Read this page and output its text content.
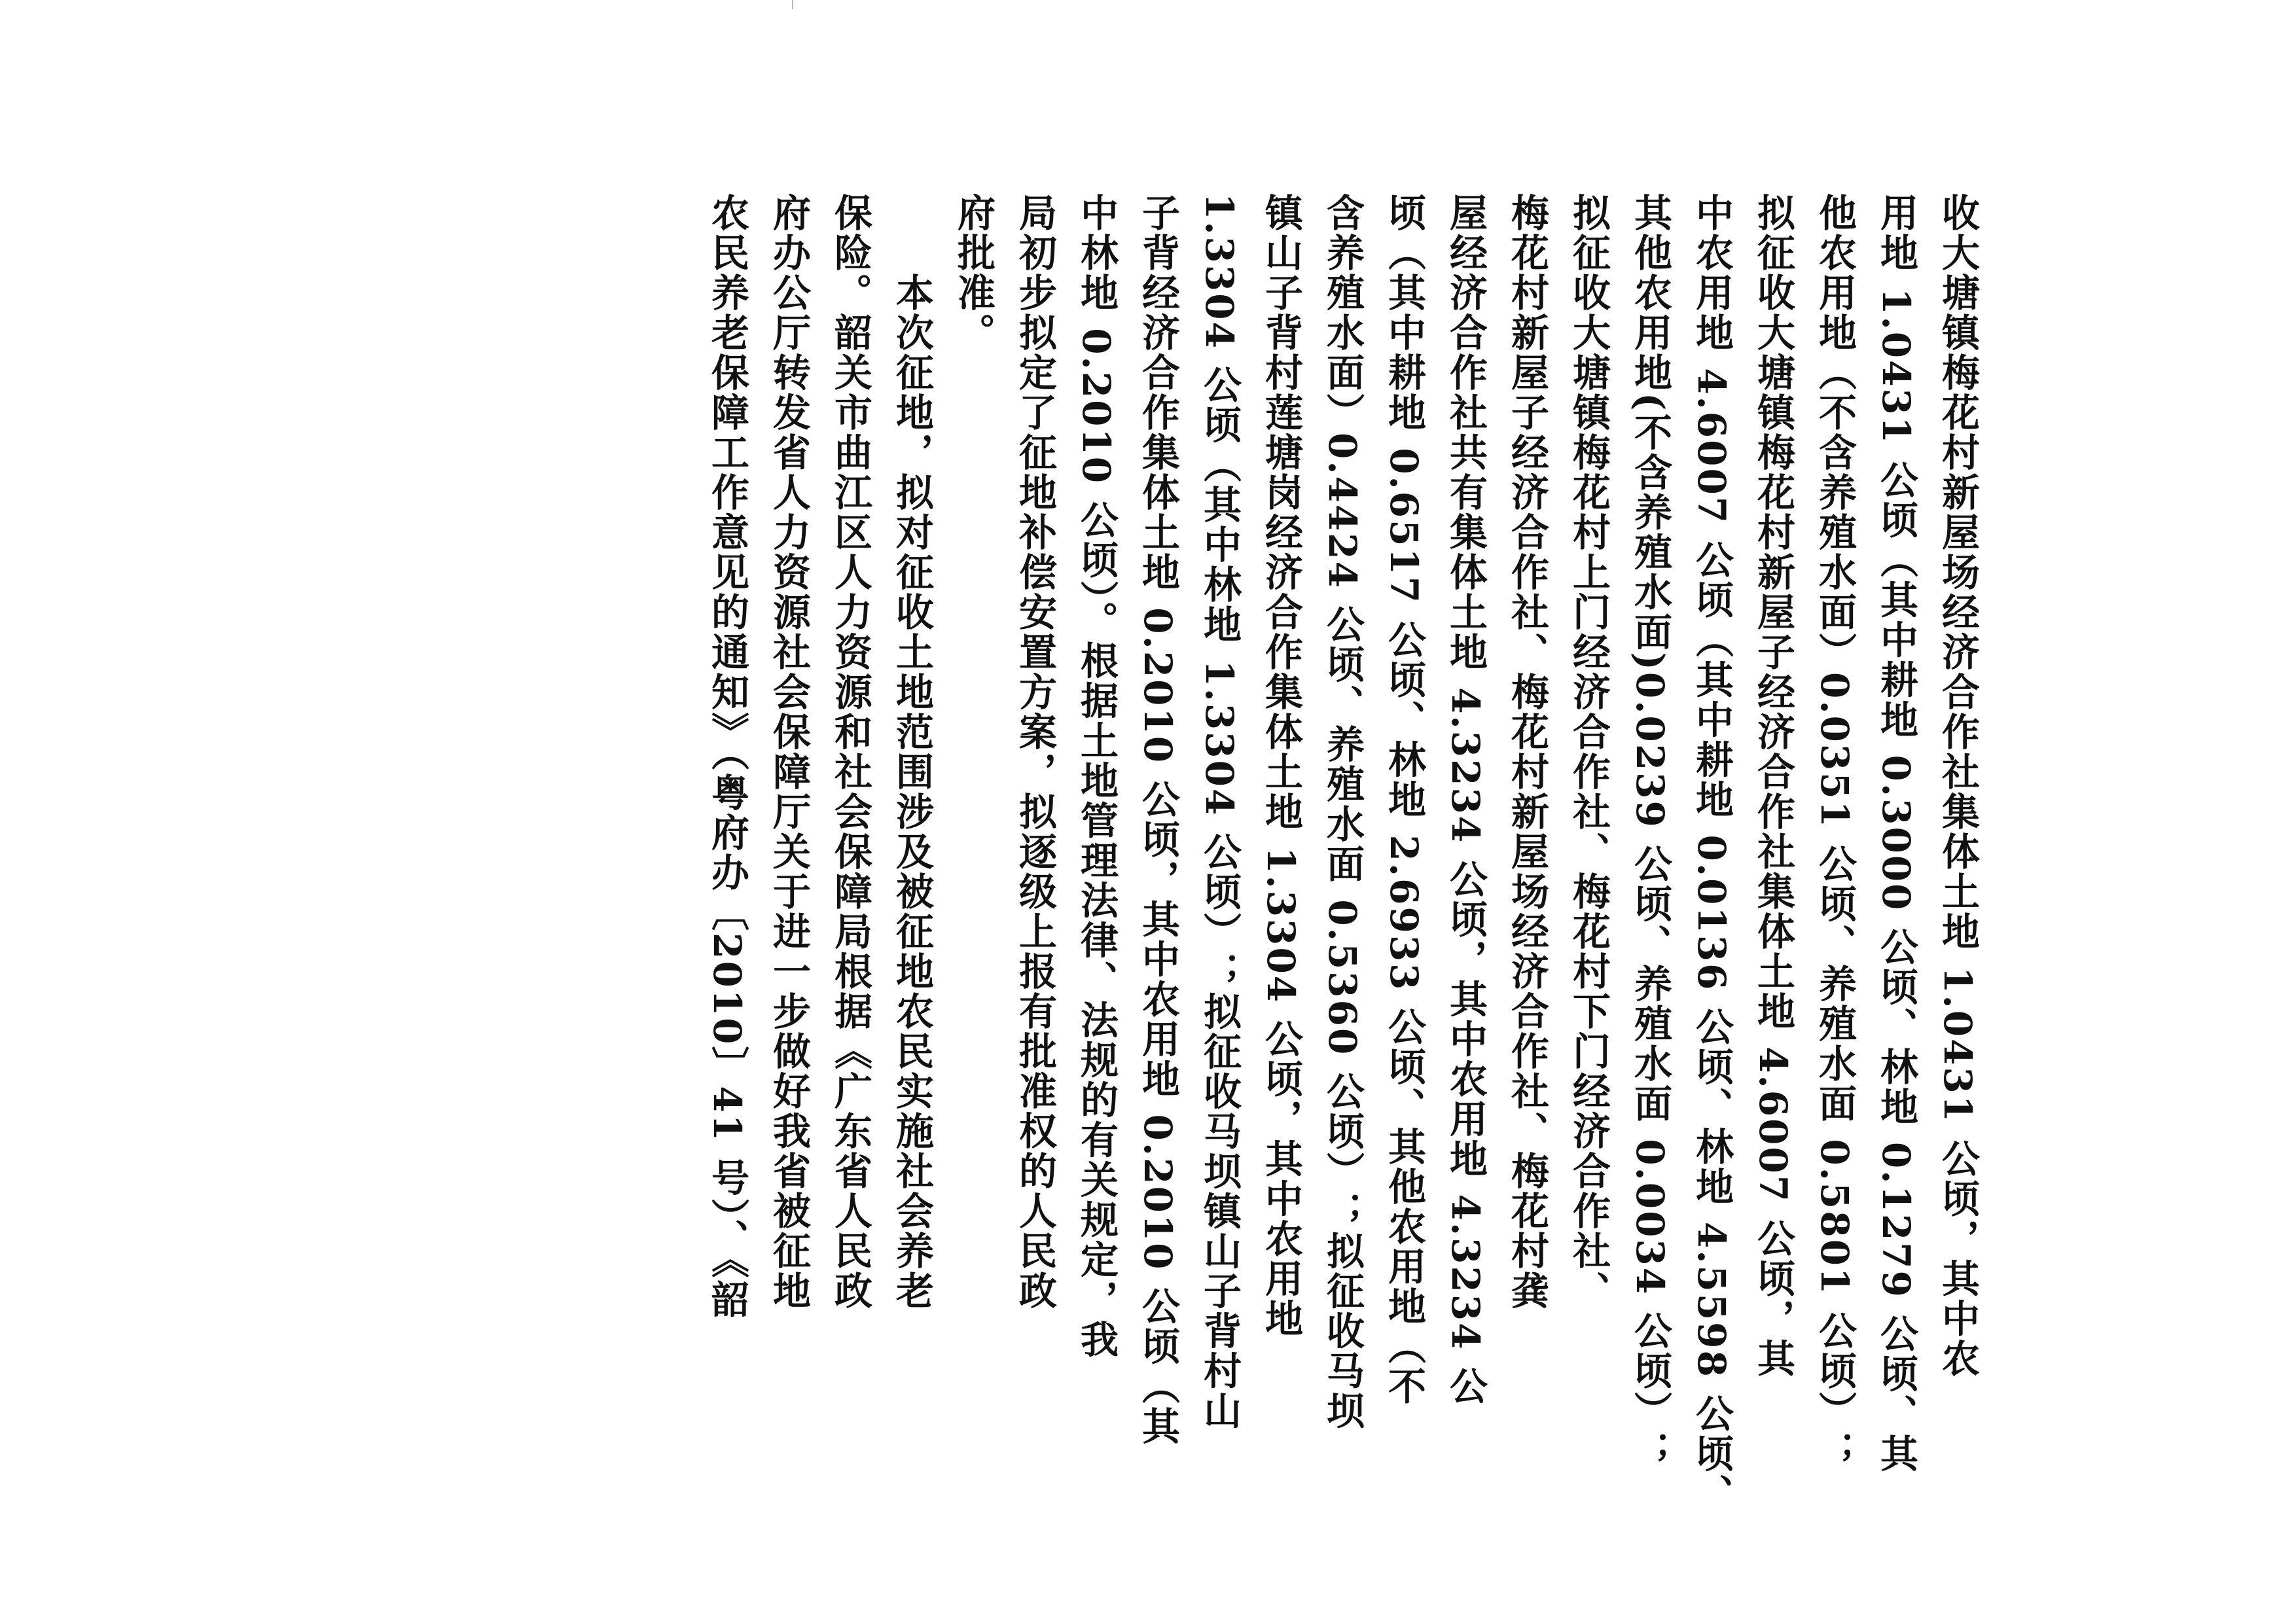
收大塘镇梅花村新屋场经济合作社集体土地 1.0431 公顷，其中农
用地 1.0431 公顷（其中耕地 0.3000 公顷、林地 0.1279 公顷、其
他农用地（不含养殖水面）0.0351 公顷、养殖水面 0.5801 公顷）；
拟征收大塘镇梅花村新屋子经济合作社集体土地 4.6007 公顷，其
中农用地 4.6007 公顷（其中耕地 0.0136 公顷、林地 4.5598 公顷、
其他农用地(不含养殖水面)0.0239 公顷、养殖水面 0.0034 公顷）；
拟征收大塘镇梅花村上门经济合作社、梅花村下门经济合作社、
梅花村新屋子经济合作社、梅花村新屋场经济合作社、梅花村龚
屋经济合作社共有集体土地 4.3234 公顷，其中农用地 4.3234 公
顷（其中耕地 0.6517 公顷、林地 2.6933 公顷、其他农用地（不
含养殖水面）0.4424 公顷、养殖水面 0.5360 公顷）；拟征收马坝
镇山子背村莲塘岗经济合作集体土地 1.3304 公顷，其中农用地
1.3304 公顷（其中林地 1.3304 公顷）；拟征收马坝镇山子背村山
子背经济合作集体土地 0.2010 公顷，其中农用地 0.2010 公顷（其
中林地 0.2010 公顷）。根据土地管理法律、法规的有关规定，我
局初步拟定了征地补偿安置方案，拟逐级上报有批准权的人民政
府批准。
　　本次征地，拟对征收土地范围涉及被征地农民实施社会养老
保险。韶关市曲江区人力资源和社会保障局根据《广东省人民政
府办公厅转发省人力资源社会保障厅关于进一步做好我省被征地
农民养老保障工作意见的通知》（粤府办〔2010〕41 号）、《韶
